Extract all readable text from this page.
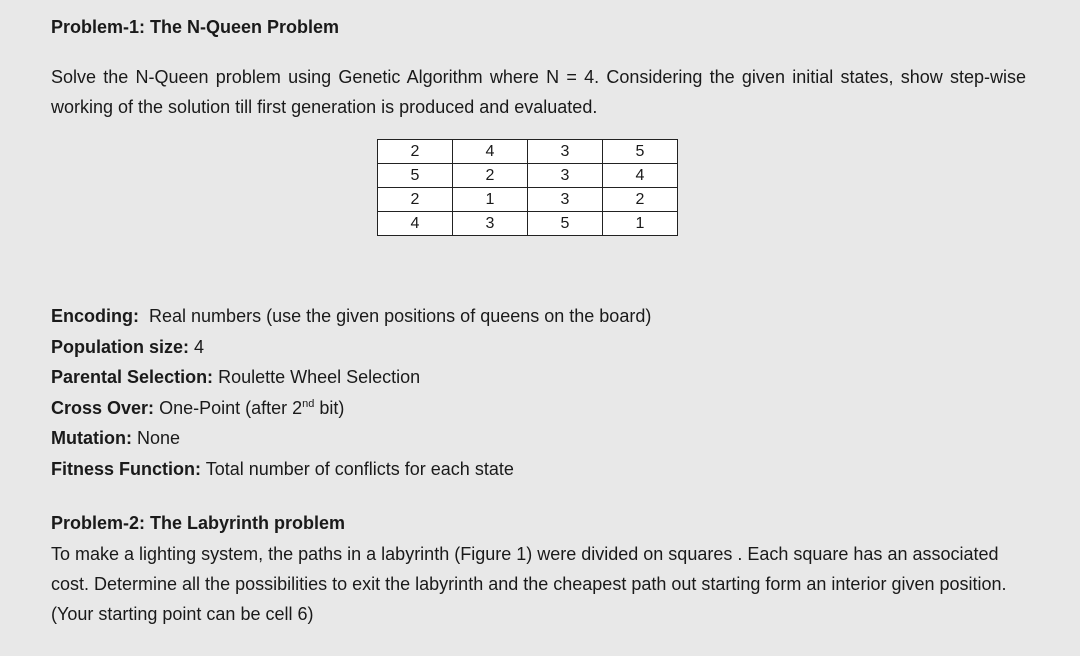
Problem-1: The N-Queen Problem
Solve the N-Queen problem using Genetic Algorithm where N = 4. Considering the given initial states, show step-wise working of the solution till first generation is produced and evaluated.
2	4	3	5
5	2	3	4
2	1	3	2
4	3	5	1
Encoding: Real numbers (use the given positions of queens on the board)
Population size: 4
Parental Selection: Roulette Wheel Selection
Cross Over: One-Point (after 2nd bit)
Mutation: None
Fitness Function: Total number of conflicts for each state
Problem-2: The Labyrinth problem
To make a lighting system, the paths in a labyrinth (Figure 1) were divided on squares . Each square has an associated cost. Determine all the possibilities to exit the labyrinth and the cheapest path out starting form an interior given position. (Your starting point can be cell 6)
